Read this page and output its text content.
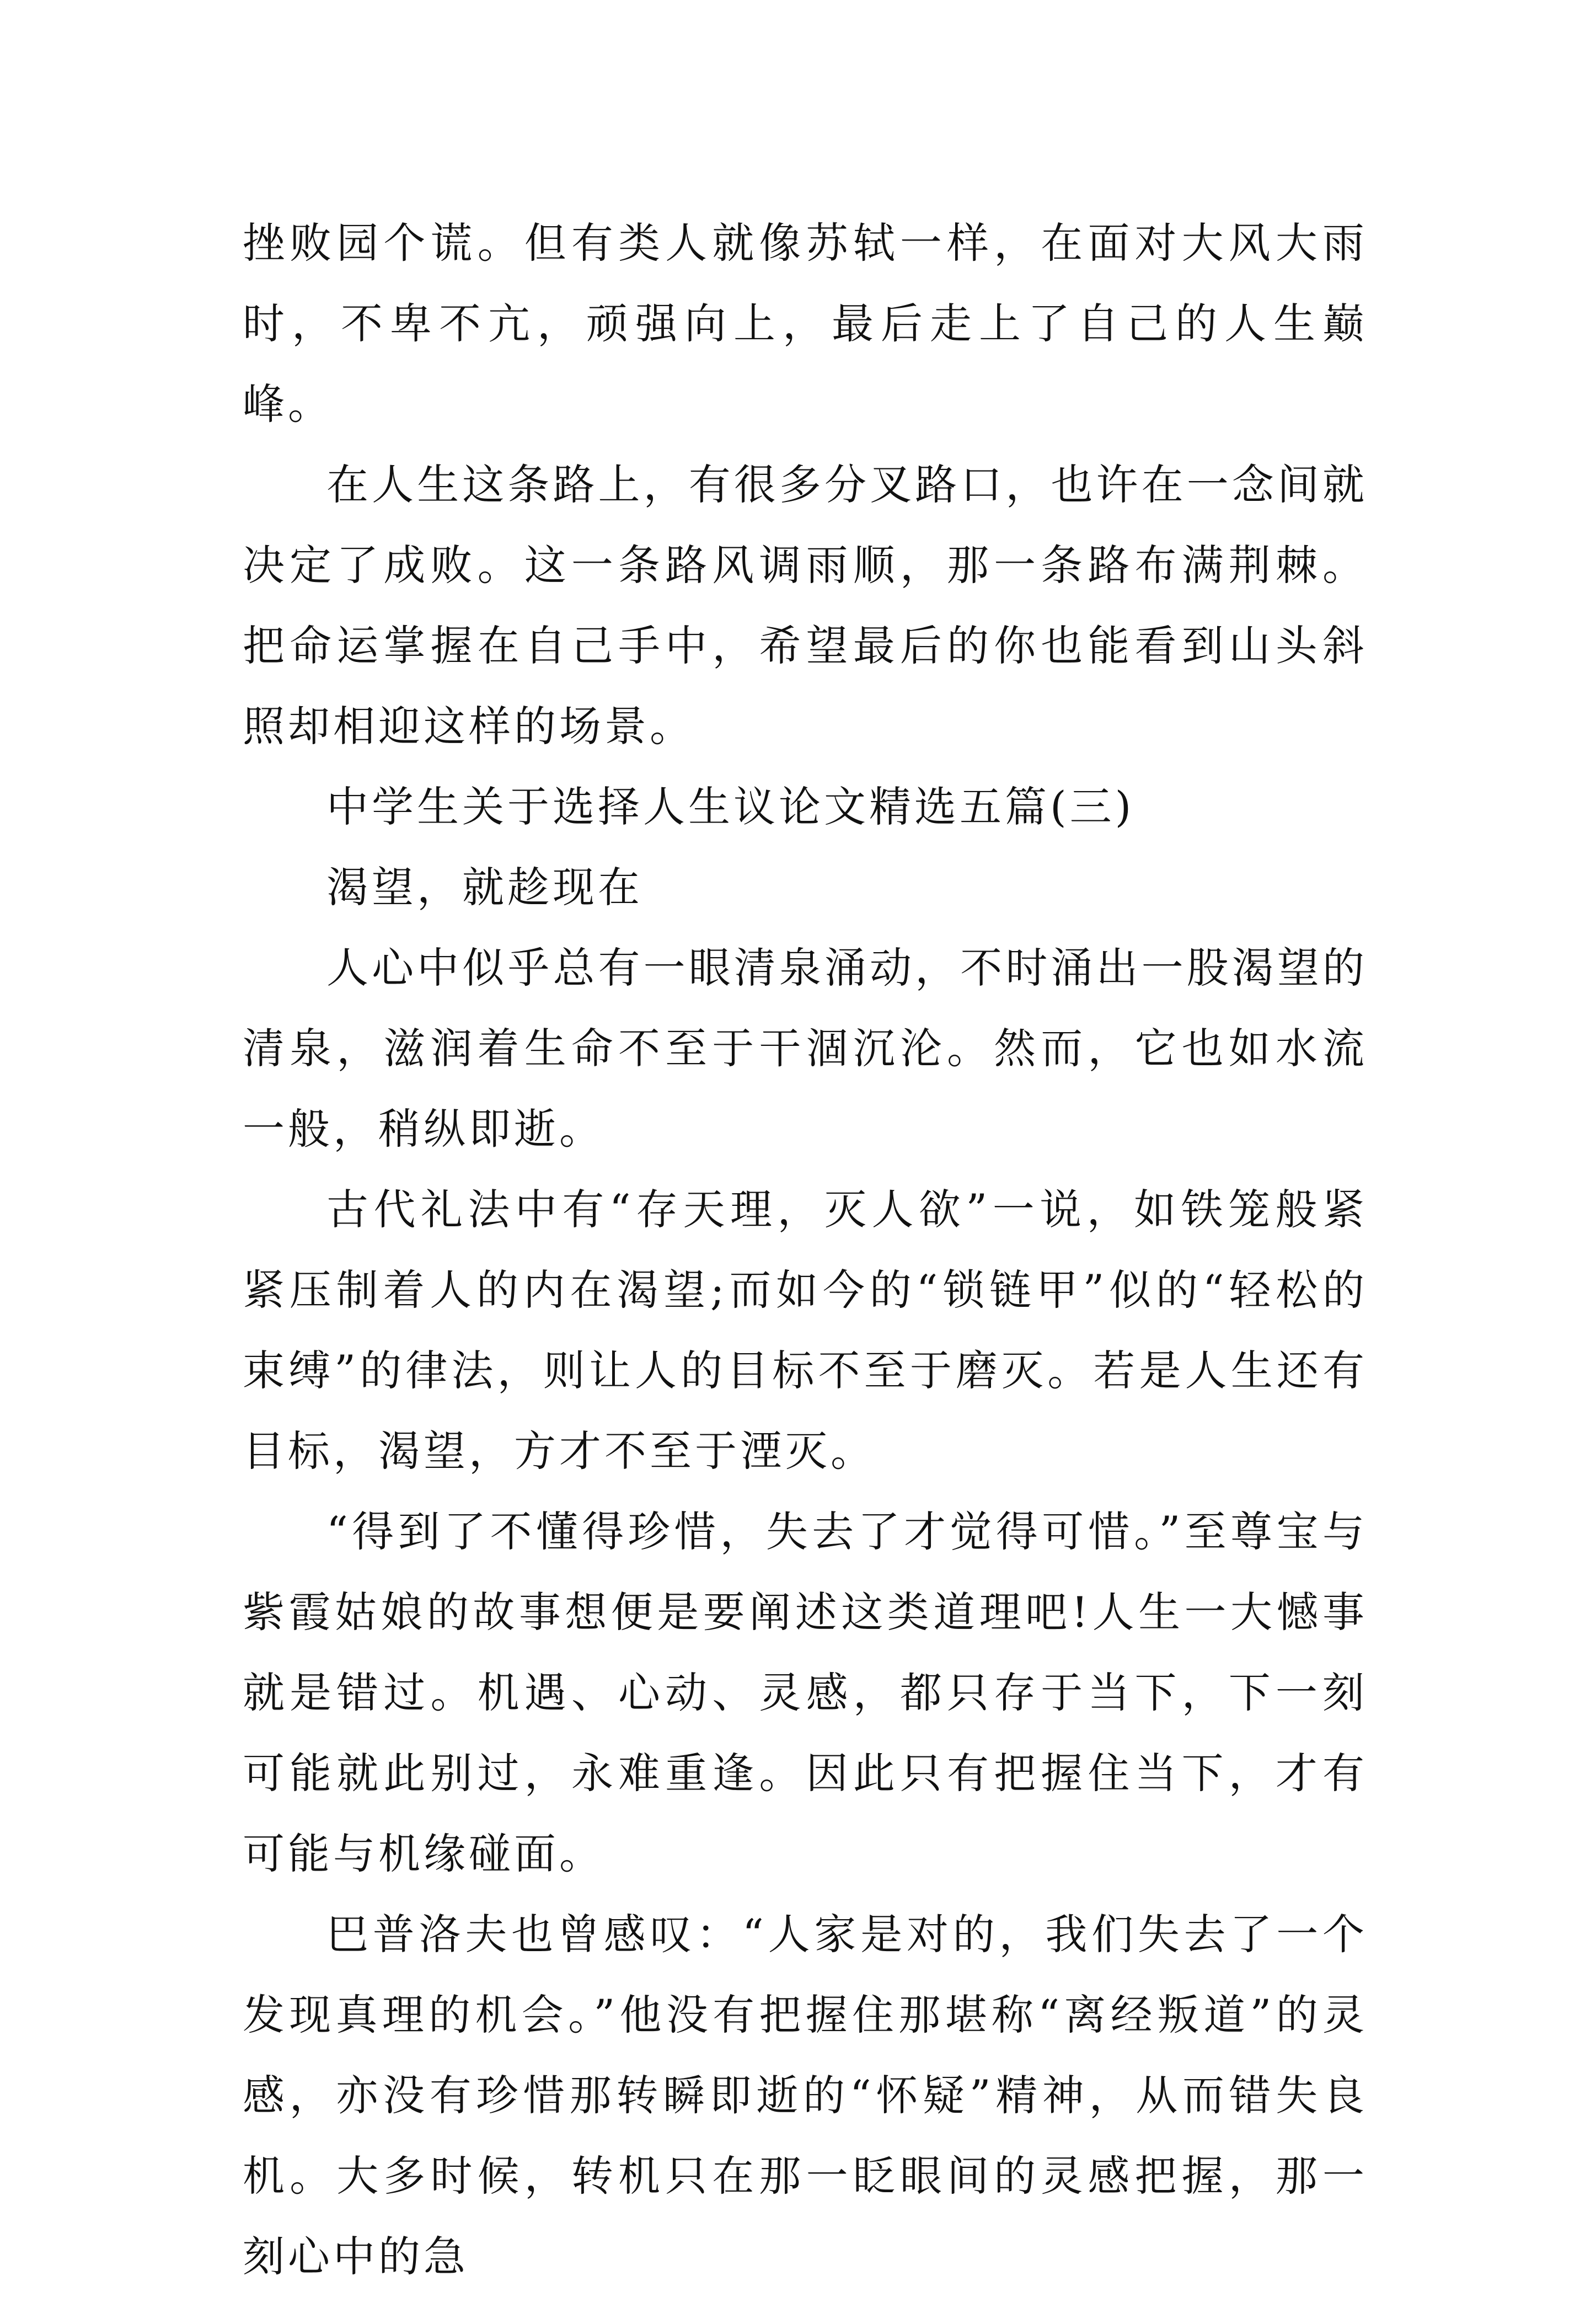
挫败园个谎。但有类人就像苏轼一样，在面对大风大雨时，不卑不亢，顽强向上，最后走上了自己的人生巅峰。

在人生这条路上，有很多分叉路口，也许在一念间就决定了成败。这一条路风调雨顺，那一条路布满荆棘。把命运掌握在自己手中，希望最后的你也能看到山头斜照却相迎这样的场景。

中学生关于选择人生议论文精选五篇(三)

渴望，就趁现在

人心中似乎总有一眼清泉涌动，不时涌出一股渴望的清泉，滋润着生命不至于干涸沉沦。然而，它也如水流一般，稍纵即逝。

古代礼法中有“存天理，灭人欲”一说，如铁笼般紧紧压制着人的内在渴望;而如今的“锁链甲”似的“轻松的束缚”的律法，则让人的目标不至于磨灭。若是人生还有目标，渴望，方才不至于湮灭。

“得到了不懂得珍惜，失去了才觉得可惜。”至尊宝与紫霞姑娘的故事想便是要阐述这类道理吧!人生一大憾事就是错过。机遇、心动、灵感，都只存于当下，下一刻可能就此别过，永难重逢。因此只有把握住当下，才有可能与机缘碰面。

巴普洛夫也曾感叹：“人家是对的，我们失去了一个发现真理的机会。”他没有把握住那堪称“离经叛道”的灵感，亦没有珍惜那转瞬即逝的“怀疑”精神，从而错失良机。大多时候，转机只在那一眨眼间的灵感把握，那一刻心中的急
